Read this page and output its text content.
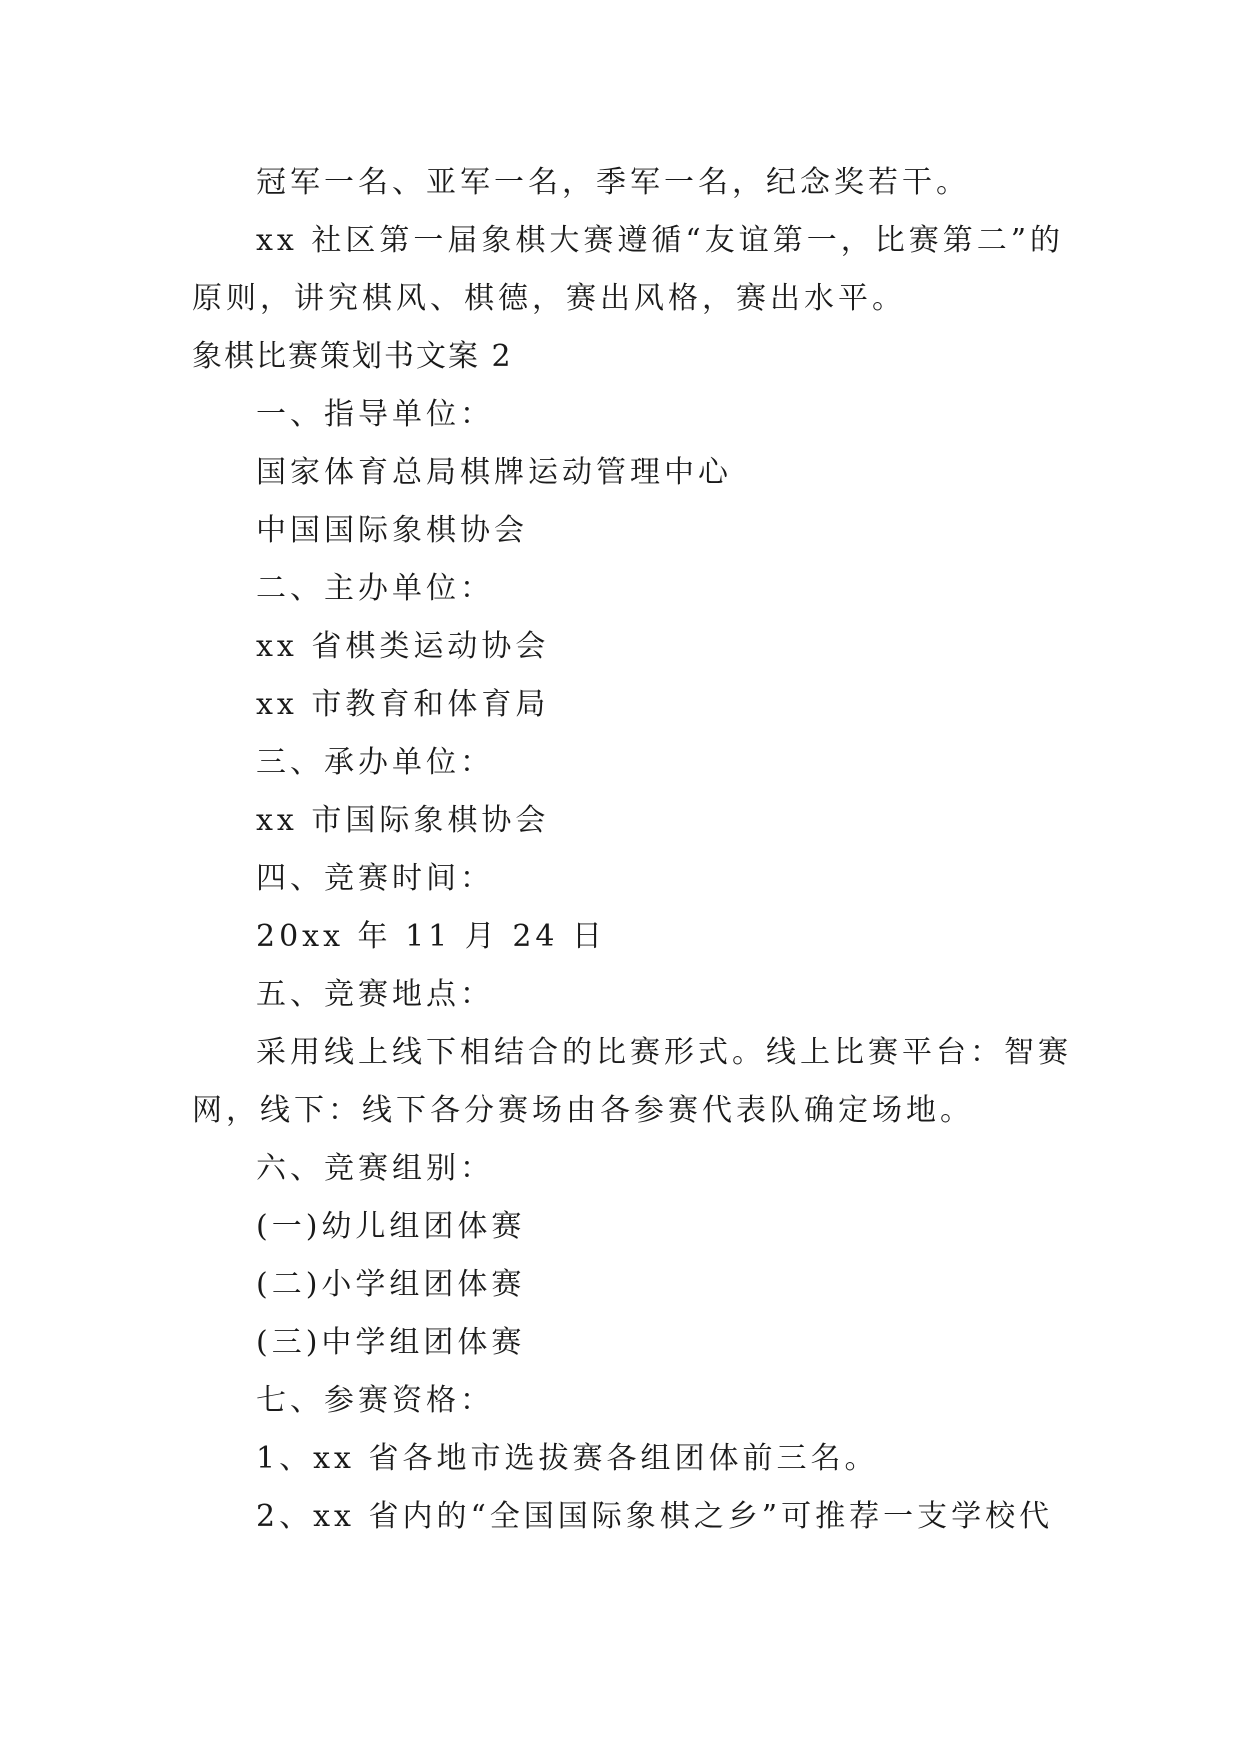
冠军一名、亚军一名，季军一名，纪念奖若干。
xx 社区第一届象棋大赛遵循“友谊第一，比赛第二”的
原则，讲究棋风、棋德，赛出风格，赛出水平。
象棋比赛策划书文案 2
一、指导单位：
国家体育总局棋牌运动管理中心
中国国际象棋协会
二、主办单位：
xx 省棋类运动协会
xx 市教育和体育局
三、承办单位：
xx 市国际象棋协会
四、竞赛时间：
20xx 年 11 月 24 日
五、竞赛地点：
采用线上线下相结合的比赛形式。线上比赛平台：智赛
网，线下：线下各分赛场由各参赛代表队确定场地。
六、竞赛组别：
(一)幼儿组团体赛
(二)小学组团体赛
(三)中学组团体赛
七、参赛资格：
1、xx 省各地市选拔赛各组团体前三名。
2、xx 省内的“全国国际象棋之乡”可推荐一支学校代
